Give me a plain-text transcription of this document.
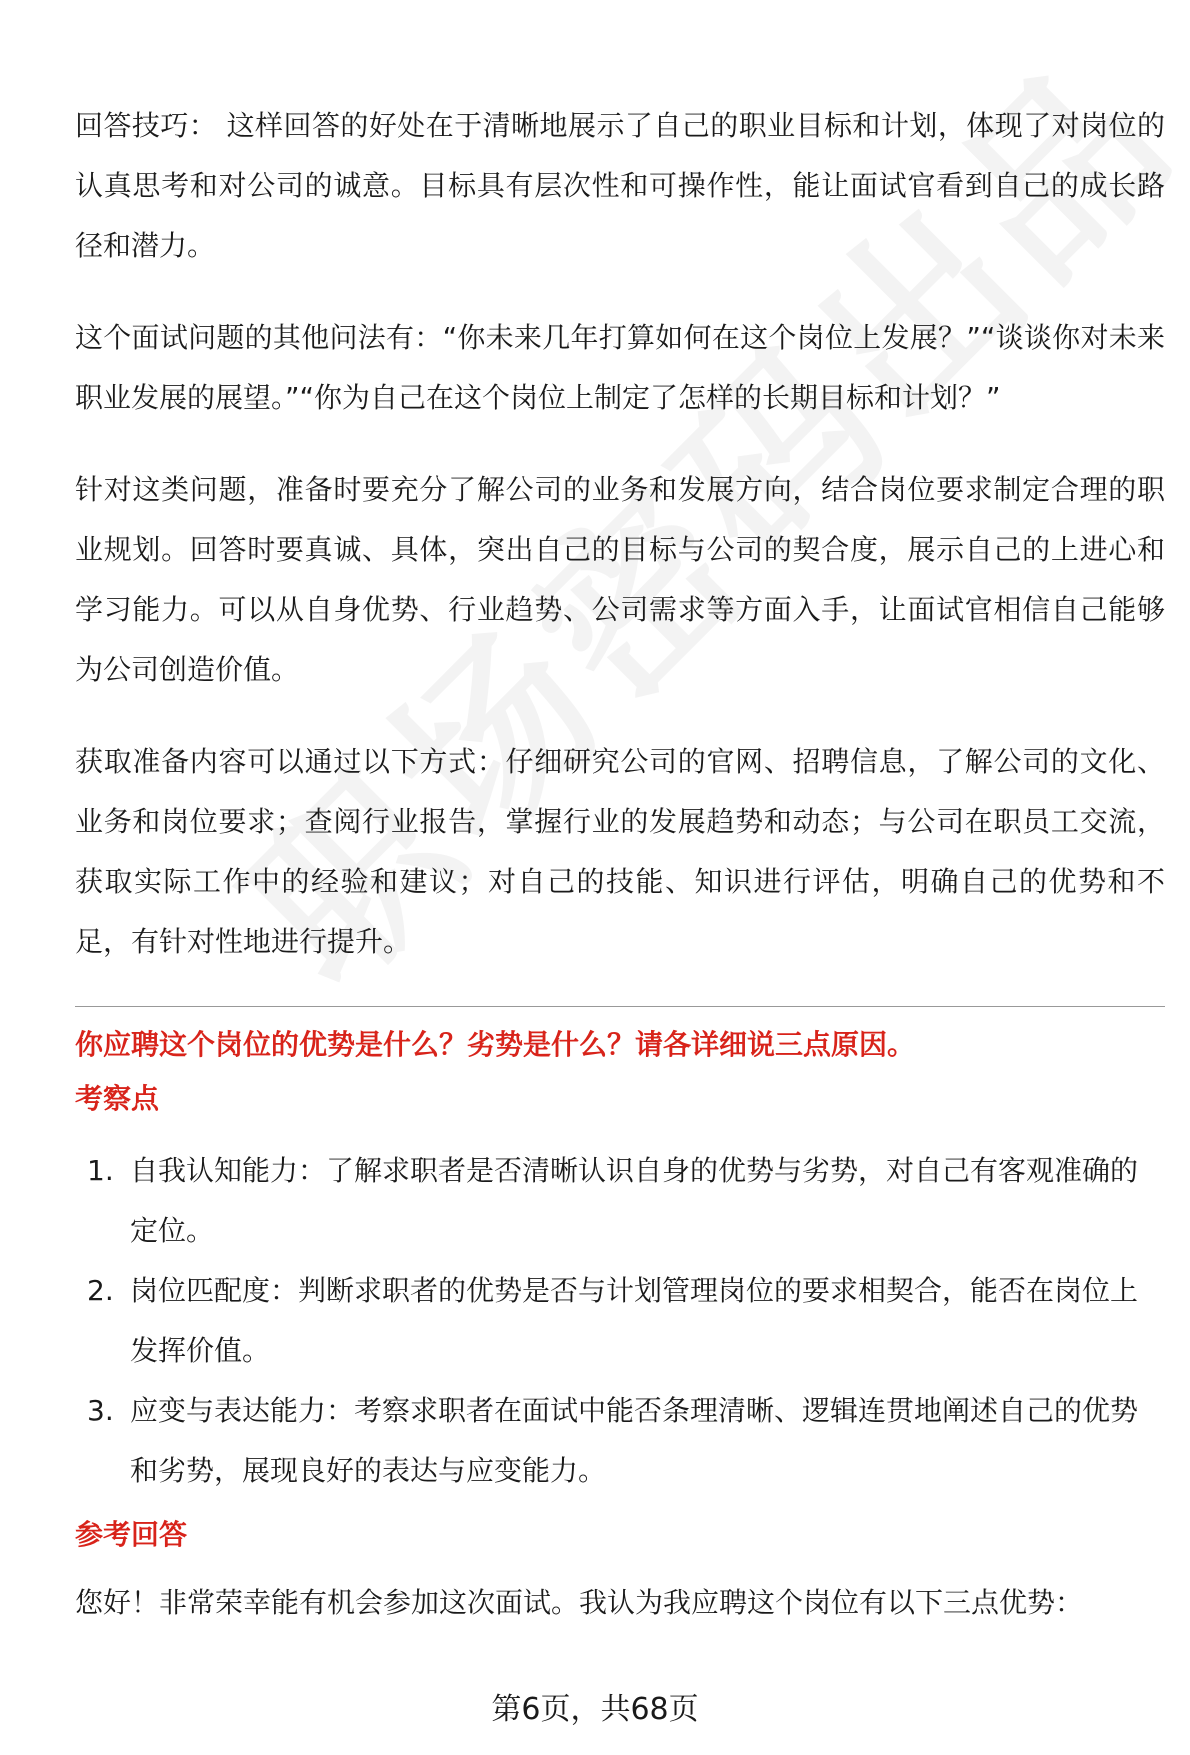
回答技巧： 这样回答的好处在于清晰地展示了自己的职业目标和计划，体现了对岗位的认真思考和对公司的诚意。目标具有层次性和可操作性，能让面试官看到自己的成长路径和潜力。

这个面试问题的其他问法有：“你未来几年打算如何在这个岗位上发展？”“谈谈你对未来职业发展的展望。”“你为自己在这个岗位上制定了怎样的长期目标和计划？”

针对这类问题，准备时要充分了解公司的业务和发展方向，结合岗位要求制定合理的职业规划。回答时要真诚、具体，突出自己的目标与公司的契合度，展示自己的上进心和学习能力。可以从自身优势、行业趋势、公司需求等方面入手，让面试官相信自己能够为公司创造价值。

获取准备内容可以通过以下方式：仔细研究公司的官网、招聘信息，了解公司的文化、业务和岗位要求；查阅行业报告，掌握行业的发展趋势和动态；与公司在职员工交流，获取实际工作中的经验和建议；对自己的技能、知识进行评估，明确自己的优势和不足，有针对性地进行提升。

你应聘这个岗位的优势是什么？劣势是什么？请各详细说三点原因。
考察点
1. 自我认知能力：了解求职者是否清晰认识自身的优势与劣势，对自己有客观准确的定位。
2. 岗位匹配度：判断求职者的优势是否与计划管理岗位的要求相契合，能否在岗位上发挥价值。
3. 应变与表达能力：考察求职者在面试中能否条理清晰、逻辑连贯地阐述自己的优势和劣势，展现良好的表达与应变能力。
参考回答

您好！非常荣幸能有机会参加这次面试。我认为我应聘这个岗位有以下三点优势：

第6页，共68页
